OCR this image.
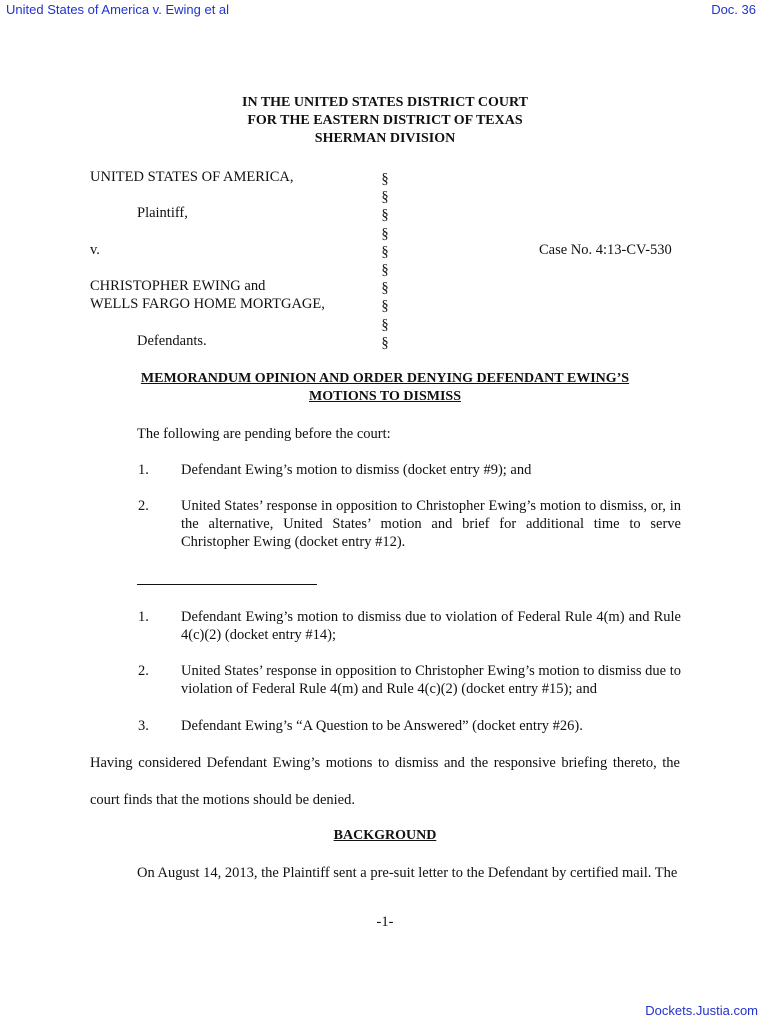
United States of America v. Ewing et al	Doc. 36
IN THE UNITED STATES DISTRICT COURT
FOR THE EASTERN DISTRICT OF TEXAS
SHERMAN DIVISION
UNITED STATES OF AMERICA,
Plaintiff,
v.
CHRISTOPHER EWING and
WELLS FARGO HOME MORTGAGE,
Defendants.
Case No. 4:13-CV-530
§
§
§
§
§
§
§
§
§
§
MEMORANDUM OPINION AND ORDER DENYING DEFENDANT EWING’S
MOTIONS TO DISMISS
The following are pending before the court:
1. Defendant Ewing’s motion to dismiss (docket entry #9); and
2. United States’ response in opposition to Christopher Ewing’s motion to dismiss, or, in the alternative, United States’ motion and brief for additional time to serve Christopher Ewing (docket entry #12).
1. Defendant Ewing’s motion to dismiss due to violation of Federal Rule 4(m) and Rule 4(c)(2) (docket entry #14);
2. United States’ response in opposition to Christopher Ewing’s motion to dismiss due to violation of Federal Rule 4(m) and Rule 4(c)(2) (docket entry #15); and
3. Defendant Ewing’s “A Question to be Answered” (docket entry #26).
Having considered Defendant Ewing’s motions to dismiss and the responsive briefing thereto, the court finds that the motions should be denied.
BACKGROUND
On August 14, 2013, the Plaintiff sent a pre-suit letter to the Defendant by certified mail. The
-1-
Dockets.Justia.com
